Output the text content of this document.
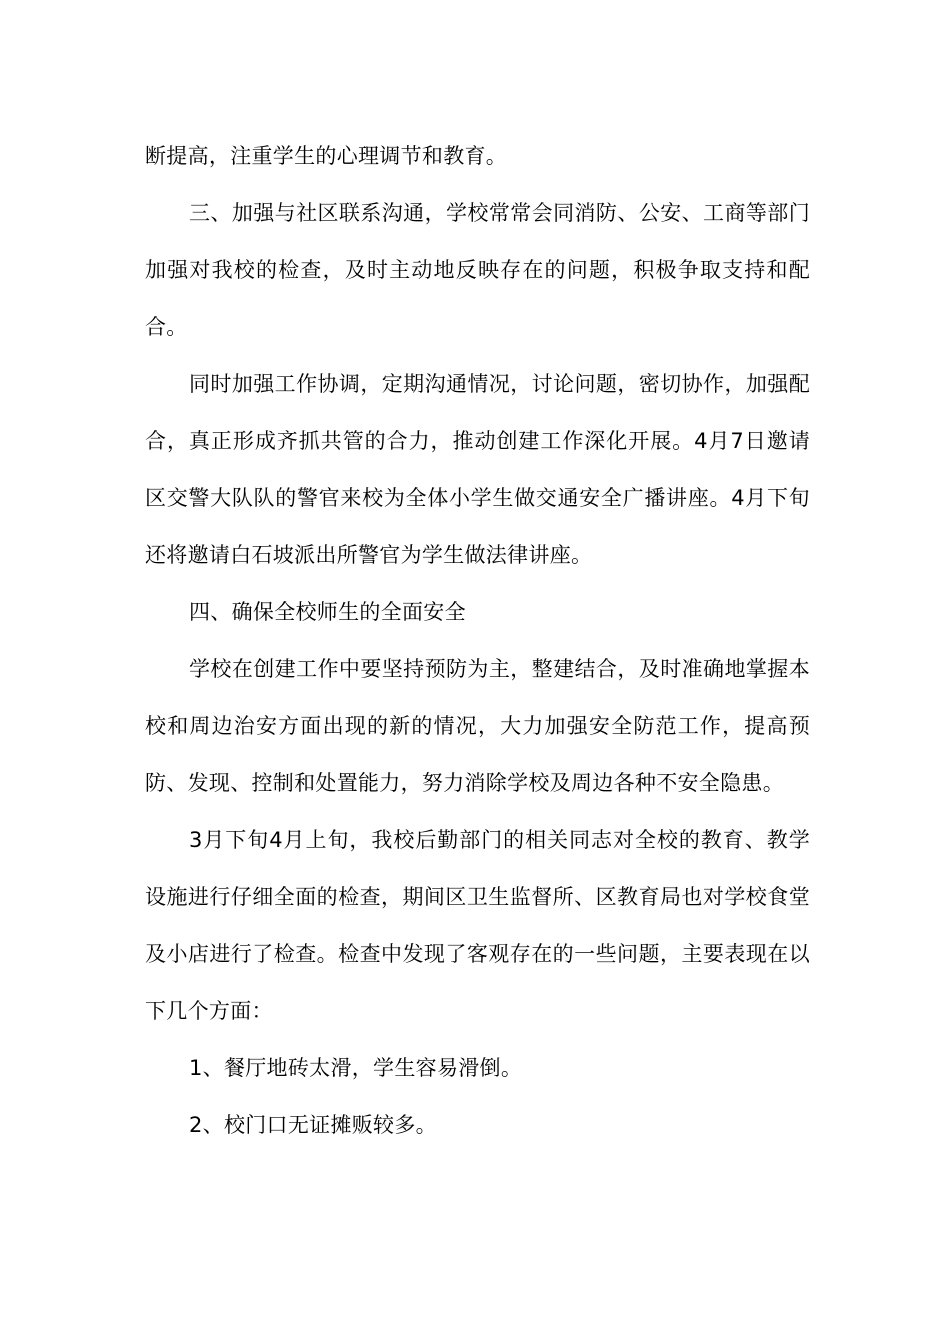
断提高，注重学生的心理调节和教育。

三、加强与社区联系沟通，学校常常会同消防、公安、工商等部门加强对我校的检查，及时主动地反映存在的问题，积极争取支持和配合。

同时加强工作协调，定期沟通情况，讨论问题，密切协作，加强配合，真正形成齐抓共管的合力，推动创建工作深化开展。4月7日邀请区交警大队队的警官来校为全体小学生做交通安全广播讲座。4月下旬还将邀请白石坡派出所警官为学生做法律讲座。

四、确保全校师生的全面安全

学校在创建工作中要坚持预防为主，整建结合，及时准确地掌握本校和周边治安方面出现的新的情况，大力加强安全防范工作，提高预防、发现、控制和处置能力，努力消除学校及周边各种不安全隐患。

3月下旬4月上旬，我校后勤部门的相关同志对全校的教育、教学设施进行仔细全面的检查，期间区卫生监督所、区教育局也对学校食堂及小店进行了检查。检查中发现了客观存在的一些问题，主要表现在以下几个方面：

1、餐厅地砖太滑，学生容易滑倒。

2、校门口无证摊贩较多。
